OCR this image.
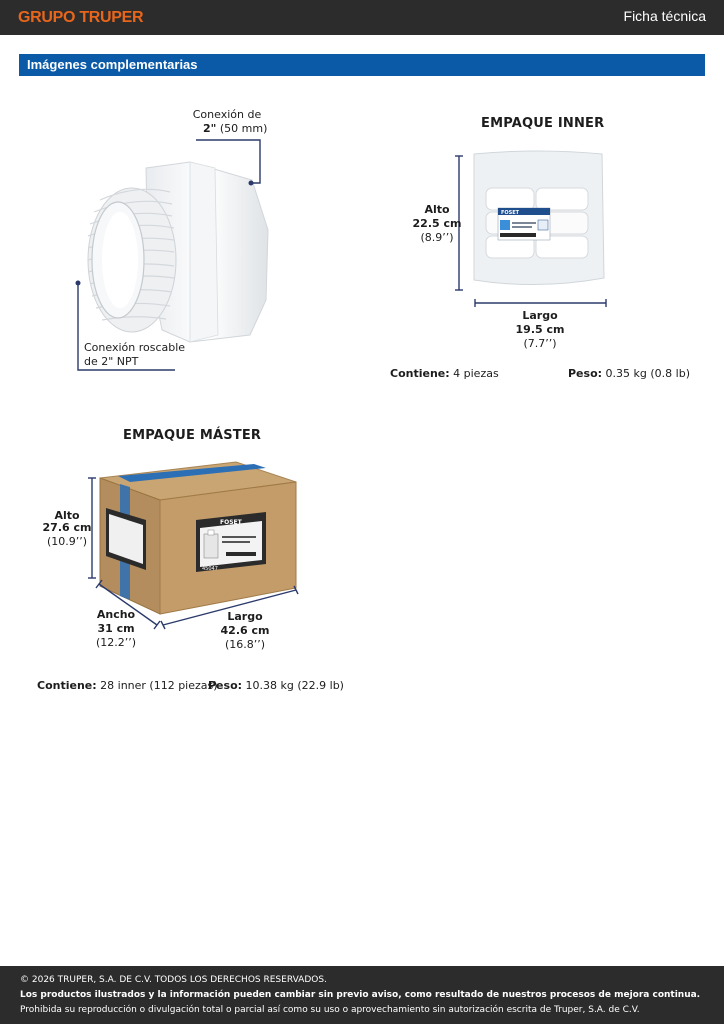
GRUPO TRUPER	Ficha técnica
Imágenes complementarias
Conexión de
2" (50 mm)
Conexión roscable
de 2" NPT
EMPAQUE INNER
FOSET
Alto
22.5 cm
(8.9’’)
Largo
19.5 cm
(7.7’’)
Contiene: 4 piezas	Peso: 0.35 kg (0.8 lb)
EMPAQUE MÁSTER
FOSET
45047
Alto
27.6 cm
(10.9’’)
Ancho
31 cm
(12.2’’)
Largo
42.6 cm
(16.8’’)
Contiene: 28 inner (112 piezas)
Peso: 10.38 kg (22.9 lb)
© 2026 TRUPER, S.A. DE C.V. TODOS LOS DERECHOS RESERVADOS.
Los productos ilustrados y la información pueden cambiar sin previo aviso, como resultado de nuestros procesos de mejora continua.
Prohibida su reproducción o divulgación total o parcial así como su uso o aprovechamiento sin autorización escrita de Truper, S.A. de C.V.
